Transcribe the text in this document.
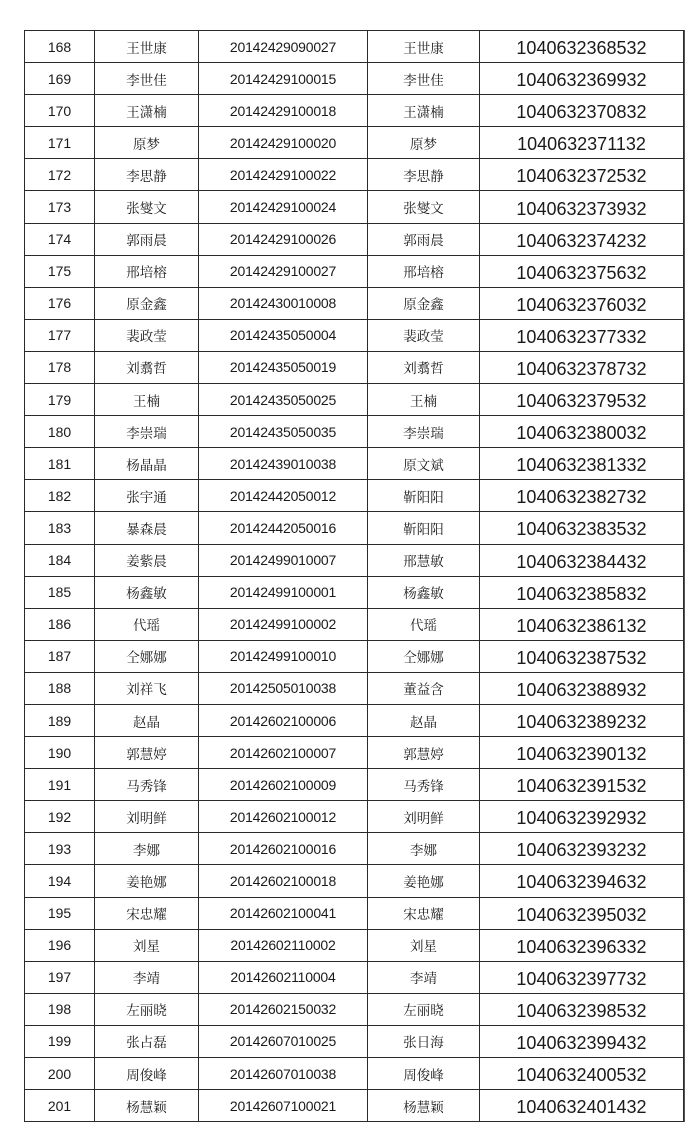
168	王世康	20142429090027	王世康	1040632368532
169	李世佳	20142429100015	李世佳	1040632369932
170	王潇楠	20142429100018	王潇楠	1040632370832
171	原梦	20142429100020	原梦	1040632371132
172	李思静	20142429100022	李思静	1040632372532
173	张燮文	20142429100024	张燮文	1040632373932
174	郭雨晨	20142429100026	郭雨晨	1040632374232
175	邢培榕	20142429100027	邢培榕	1040632375632
176	原金鑫	20142430010008	原金鑫	1040632376032
177	裴政莹	20142435050004	裴政莹	1040632377332
178	刘翥哲	20142435050019	刘翥哲	1040632378732
179	王楠	20142435050025	王楠	1040632379532
180	李崇瑞	20142435050035	李崇瑞	1040632380032
181	杨晶晶	20142439010038	原文斌	1040632381332
182	张宇通	20142442050012	靳阳阳	1040632382732
183	暴森晨	20142442050016	靳阳阳	1040632383532
184	姜紫晨	20142499010007	邢慧敏	1040632384432
185	杨鑫敏	20142499100001	杨鑫敏	1040632385832
186	代瑶	20142499100002	代瑶	1040632386132
187	仝娜娜	20142499100010	仝娜娜	1040632387532
188	刘祥飞	20142505010038	董益含	1040632388932
189	赵晶	20142602100006	赵晶	1040632389232
190	郭慧婷	20142602100007	郭慧婷	1040632390132
191	马秀锋	20142602100009	马秀锋	1040632391532
192	刘明鲜	20142602100012	刘明鲜	1040632392932
193	李娜	20142602100016	李娜	1040632393232
194	姜艳娜	20142602100018	姜艳娜	1040632394632
195	宋忠耀	20142602100041	宋忠耀	1040632395032
196	刘星	20142602110002	刘星	1040632396332
197	李靖	20142602110004	李靖	1040632397732
198	左丽晓	20142602150032	左丽晓	1040632398532
199	张占磊	20142607010025	张日海	1040632399432
200	周俊峰	20142607010038	周俊峰	1040632400532
201	杨慧颖	20142607100021	杨慧颖	1040632401432
